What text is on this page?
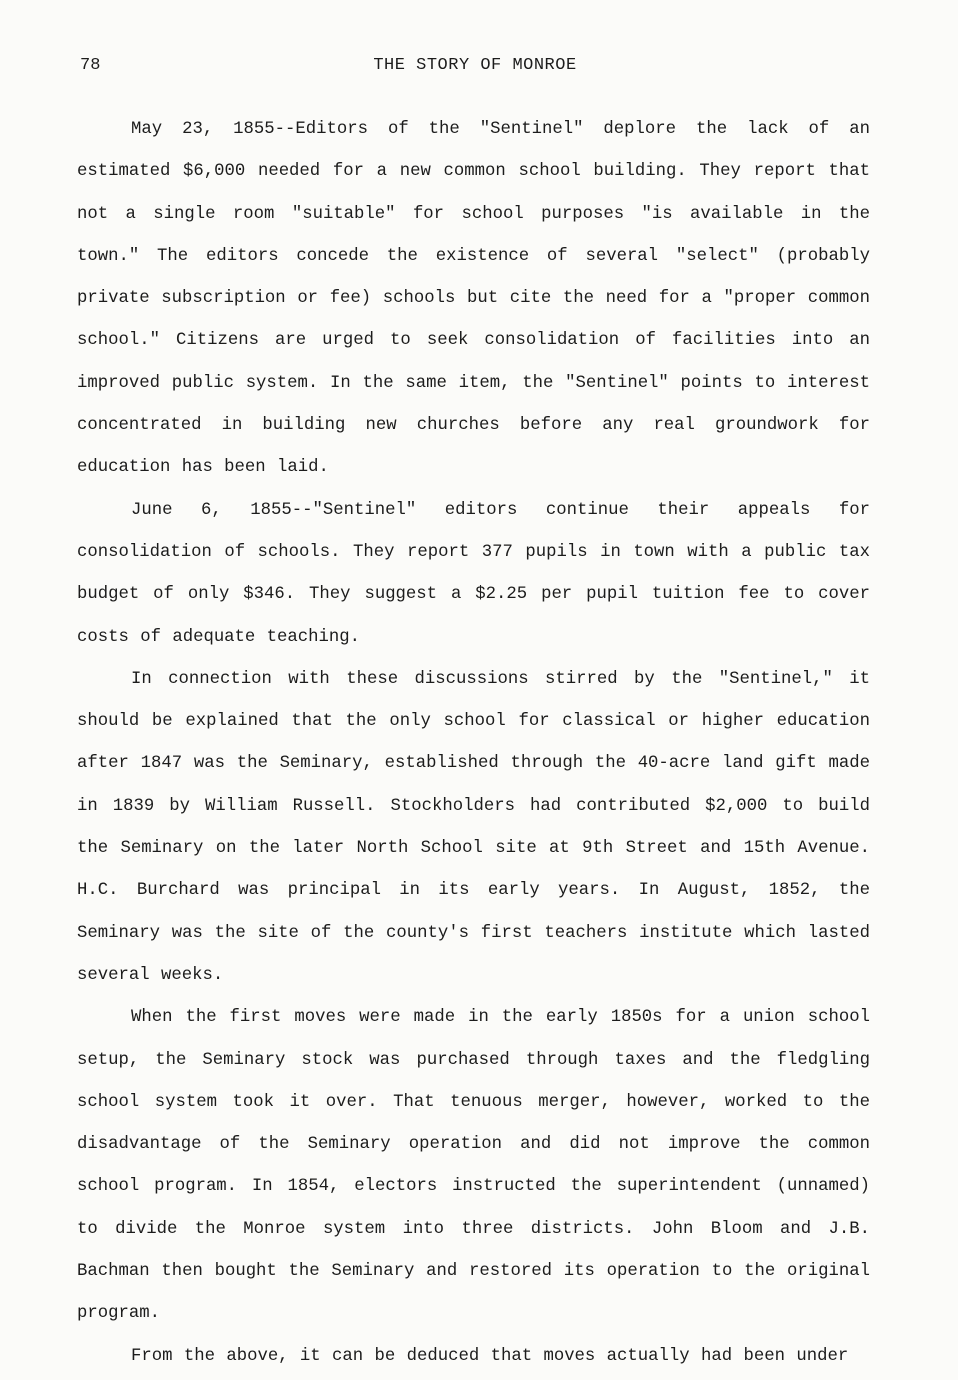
78	THE STORY OF MONROE

May 23, 1855--Editors of the "Sentinel" deplore the lack of an estimated $6,000 needed for a new common school building. They report that not a single room "suitable" for school purposes "is available in the town." The editors concede the existence of several "select" (probably private subscription or fee) schools but cite the need for a "proper common school." Citizens are urged to seek consolidation of facilities into an improved public system. In the same item, the "Sentinel" points to interest concentrated in building new churches before any real groundwork for education has been laid.

June 6, 1855--"Sentinel" editors continue their appeals for consolidation of schools. They report 377 pupils in town with a public tax budget of only $346. They suggest a $2.25 per pupil tuition fee to cover costs of adequate teaching.

In connection with these discussions stirred by the "Sentinel," it should be explained that the only school for classical or higher education after 1847 was the Seminary, established through the 40-acre land gift made in 1839 by William Russell. Stockholders had contributed $2,000 to build the Seminary on the later North School site at 9th Street and 15th Avenue. H.C. Burchard was principal in its early years. In August, 1852, the Seminary was the site of the county's first teachers institute which lasted several weeks.

When the first moves were made in the early 1850s for a union school setup, the Seminary stock was purchased through taxes and the fledgling school system took it over. That tenuous merger, however, worked to the disadvantage of the Seminary operation and did not improve the common school program. In 1854, electors instructed the superintendent (unnamed) to divide the Monroe system into three districts. John Bloom and J.B. Bachman then bought the Seminary and restored its operation to the original program.

From the above, it can be deduced that moves actually had been under
